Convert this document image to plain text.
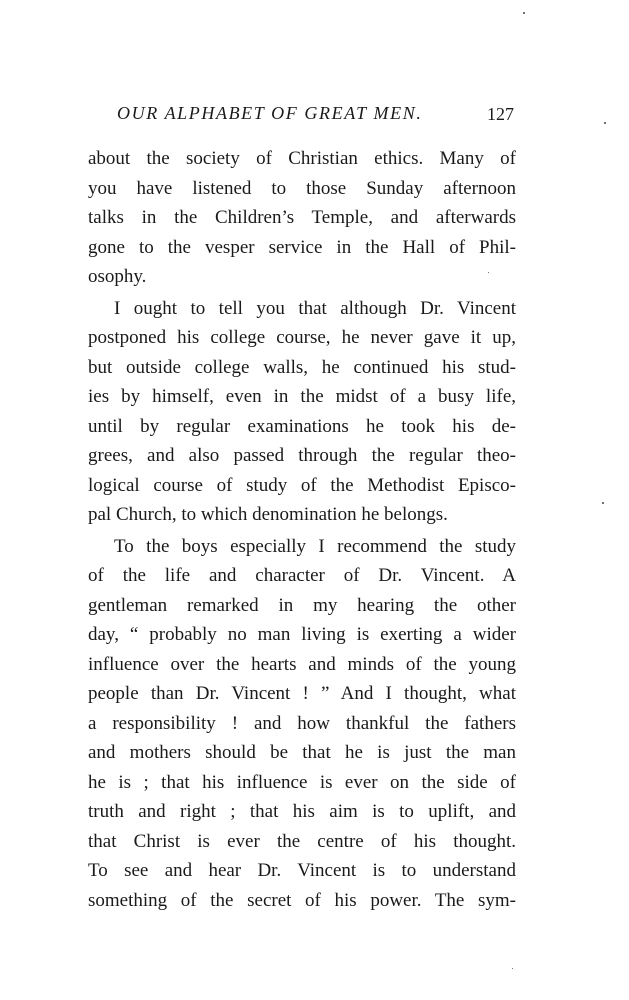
OUR ALPHABET OF GREAT MEN.	127
about the society of Christian ethics. Many of
you have listened to those Sunday afternoon
talks in the Children’s Temple, and afterwards
gone to the vesper service in the Hall of Phil-
osophy.
I ought to tell you that although Dr. Vincent
postponed his college course, he never gave it up,
but outside college walls, he continued his stud-
ies by himself, even in the midst of a busy life,
until by regular examinations he took his de-
grees, and also passed through the regular theo-
logical course of study of the Methodist Episco-
pal Church, to which denomination he belongs.
To the boys especially I recommend the study
of the life and character of Dr. Vincent. A
gentleman remarked in my hearing the other
day, “ probably no man living is exerting a wider
influence over the hearts and minds of the young
people than Dr. Vincent ! ” And I thought, what
a responsibility ! and how thankful the fathers
and mothers should be that he is just the man
he is ; that his influence is ever on the side of
truth and right ; that his aim is to uplift, and
that Christ is ever the centre of his thought.
To see and hear Dr. Vincent is to understand
something of the secret of his power. The sym-
